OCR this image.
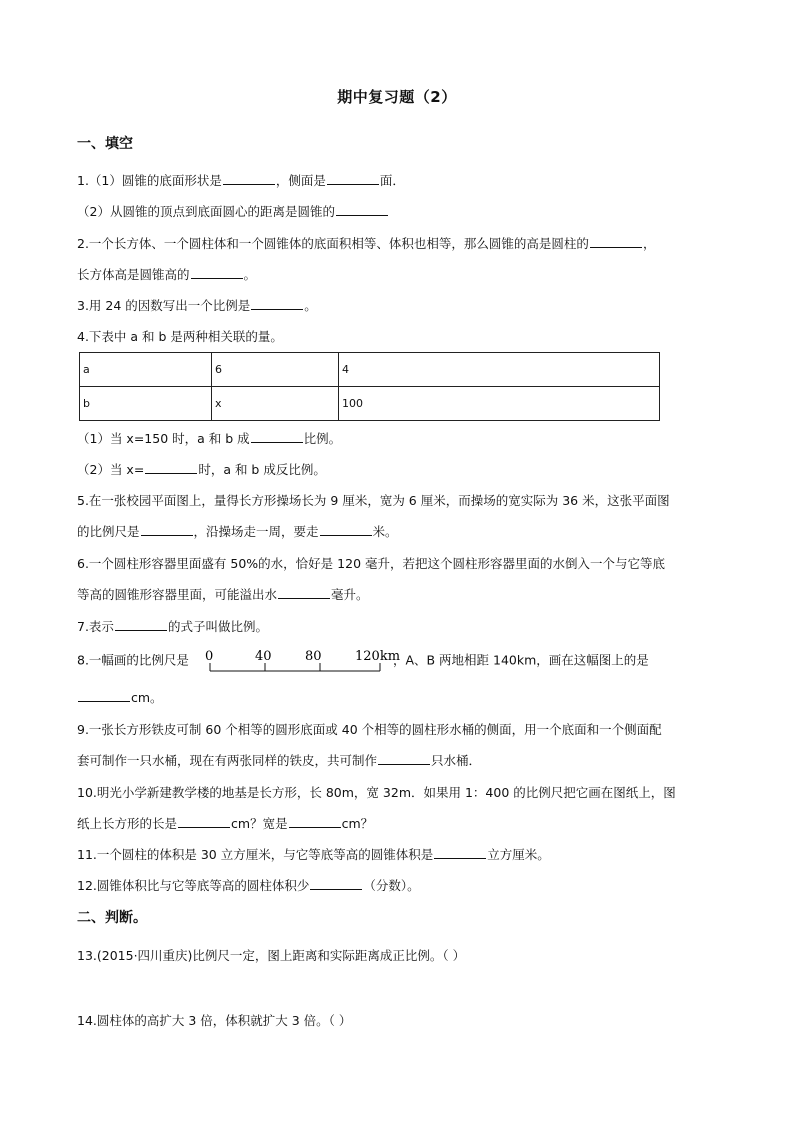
期中复习题（2）
一、填空
1.（1）圆锥的底面形状是	，侧面是	面．
（2）从圆锥的顶点到底面圆心的距离是圆锥的
2.一个长方体、一个圆柱体和一个圆锥体的底面积相等、体积也相等，那么圆锥的高是圆柱的	，
长方体高是圆锥高的	。
3.用 24 的因数写出一个比例是	。
4.下表中 a 和 b 是两种相关联的量。
a	6	4
b	x	100
（1）当 x=150 时，a 和 b 成	比例。
（2）当 x=	时，a 和 b 成反比例。
5.在一张校园平面图上，量得长方形操场长为 9 厘米，宽为 6 厘米，而操场的宽实际为 36 米，这张平面图
的比例尺是	，沿操场走一周，要走	米。
6.一个圆柱形容器里面盛有 50%的水，恰好是 120 毫升，若把这个圆柱形容器里面的水倒入一个与它等底
等高的圆锥形容器里面，可能溢出水	毫升。
7.表示	的式子叫做比例。
8.一幅画的比例尺是 0	40	80	120km
，A、B 两地相距 140km，画在这幅图上的是
cm。
9.一张长方形铁皮可制 60 个相等的圆形底面或 40 个相等的圆柱形水桶的侧面，用一个底面和一个侧面配
套可制作一只水桶，现在有两张同样的铁皮，共可制作	只水桶．
10.明光小学新建教学楼的地基是长方形，长 80m，宽 32m．如果用 1：400 的比例尺把它画在图纸上，图
纸上长方形的长是	cm？宽是	cm？
11.一个圆柱的体积是 30 立方厘米，与它等底等高的圆锥体积是	立方厘米。
12.圆锥体积比与它等底等高的圆柱体积少	（分数）。
二、判断。
13.(2015·四川重庆)比例尺一定，图上距离和实际距离成正比例。（ ）
14.圆柱体的高扩大 3 倍，体积就扩大 3 倍。（ ）
